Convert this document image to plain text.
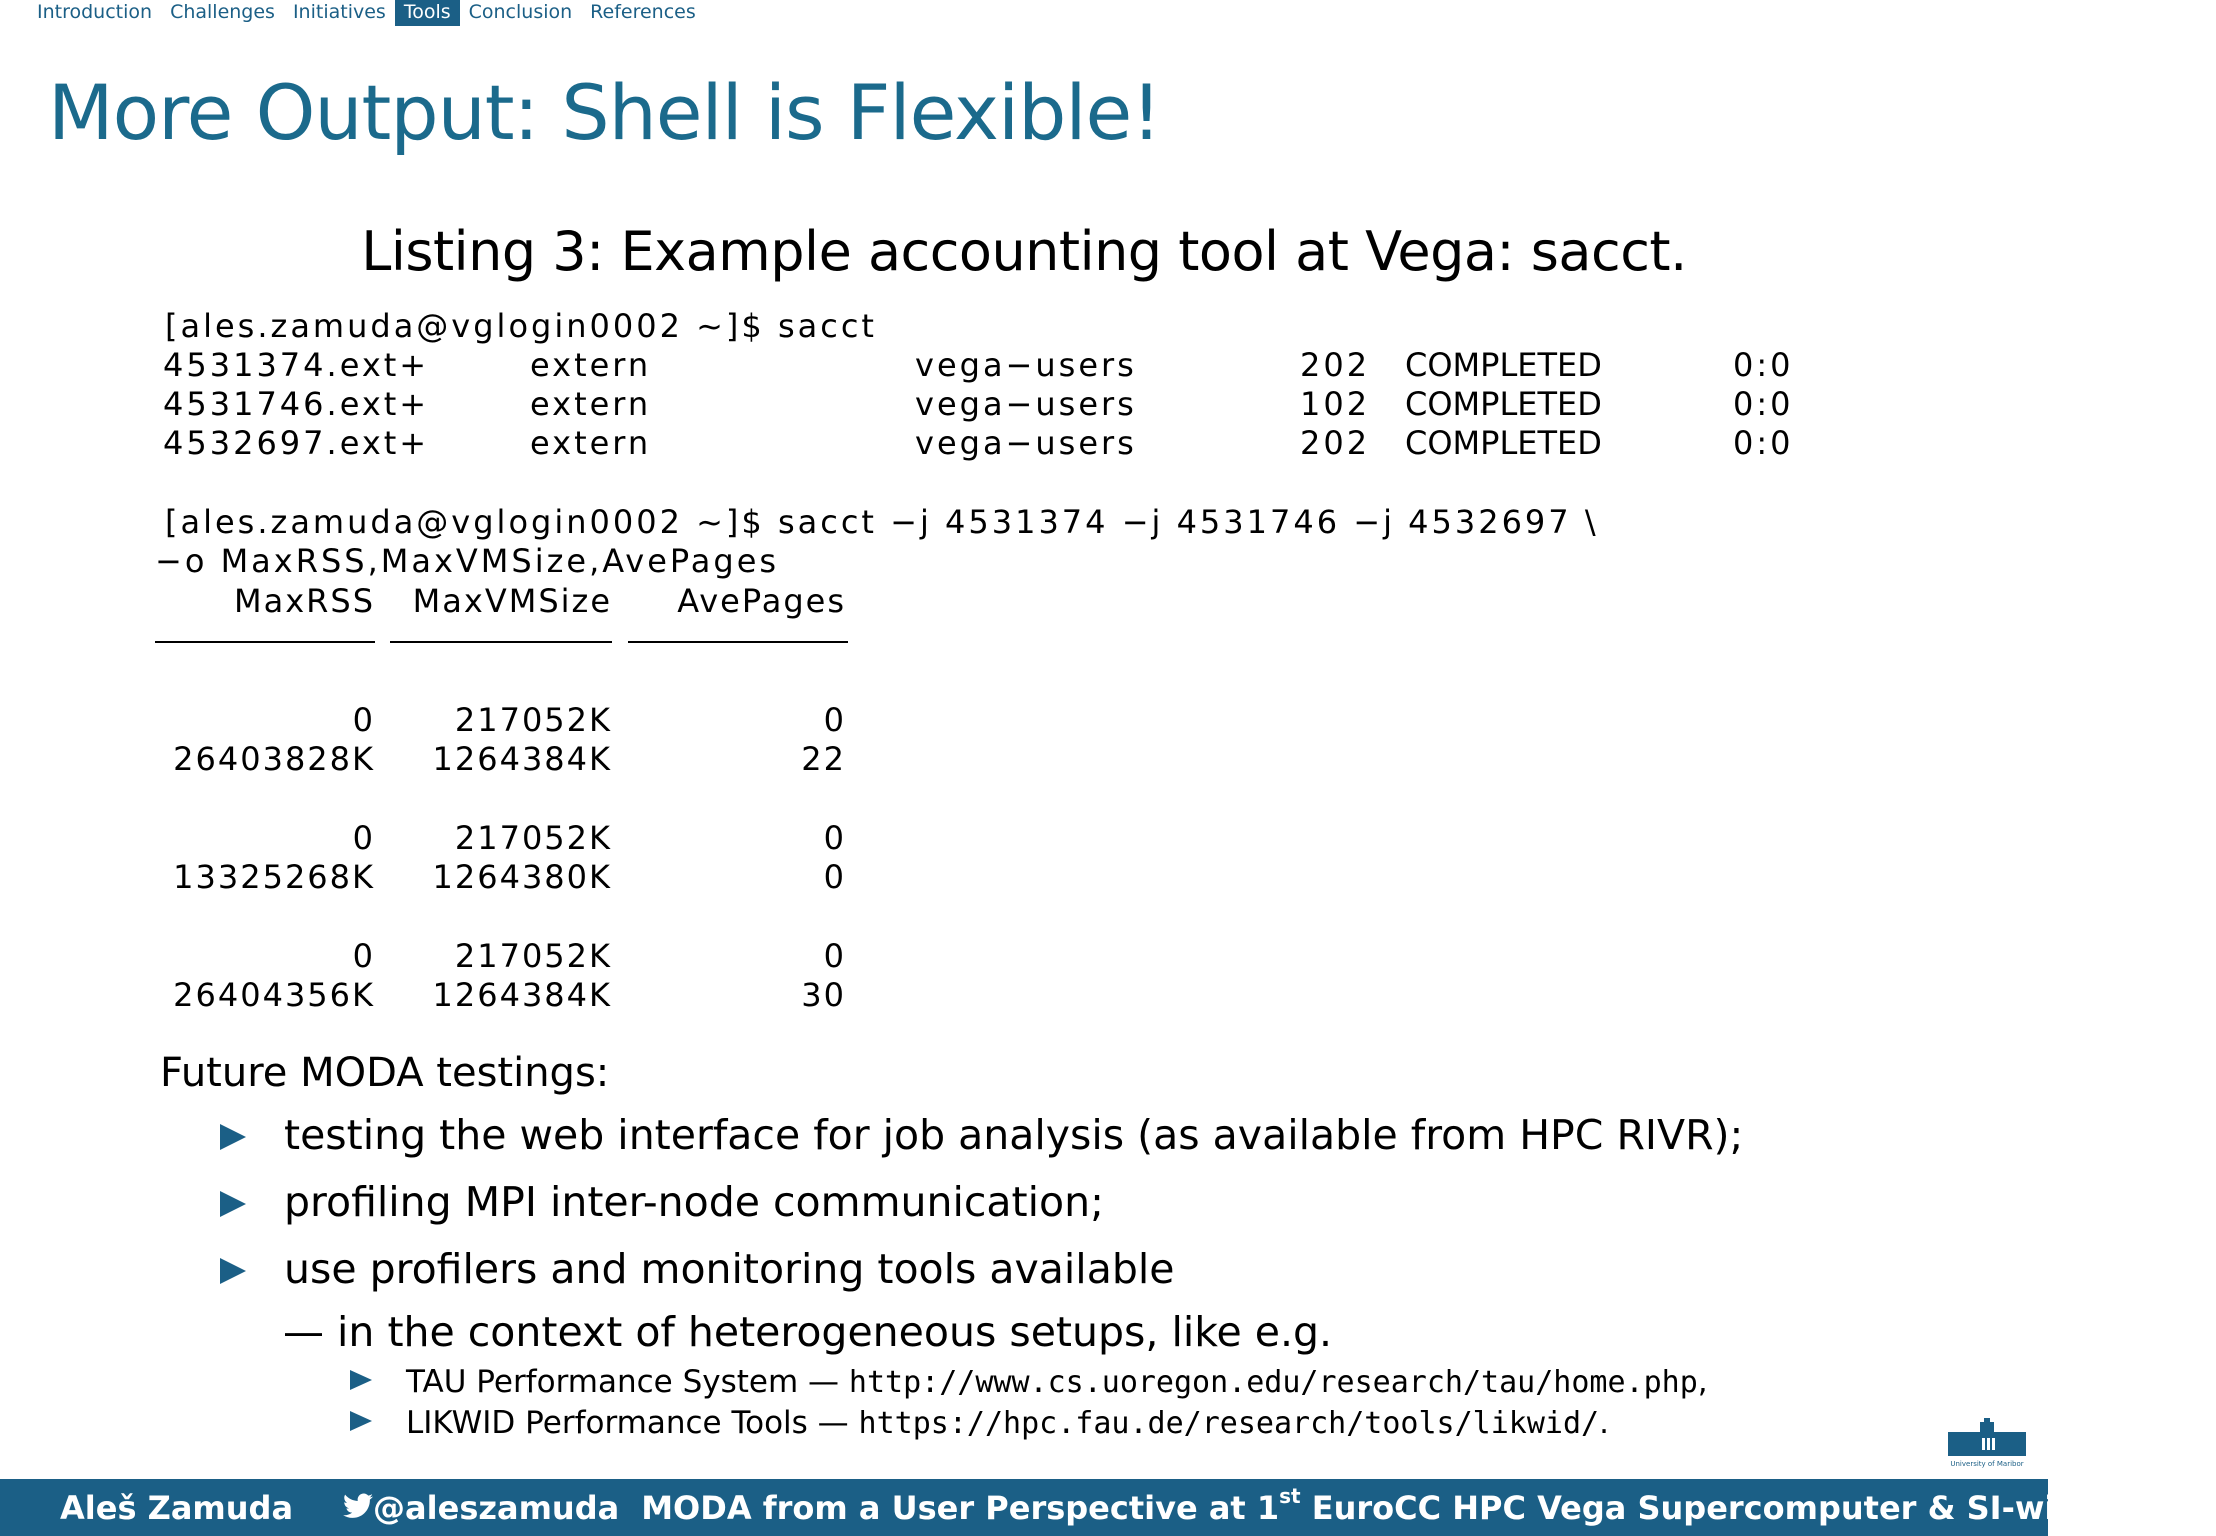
Introduction Challenges Initiatives Tools Conclusion References
More Output: Shell is Flexible!
Listing 3: Example accounting tool at Vega: sacct.
[ales.zamuda@vglogin0002 ~]$ sacct
4531374.ext+	extern	vega−users	202 COMPLETED	0:0
4531746.ext+	extern	vega−users	102 COMPLETED	0:0
4532697.ext+	extern	vega−users	202 COMPLETED	0:0
[ales.zamuda@vglogin0002 ~]$ sacct −j 4531374 −j 4531746 −j 4532697 \
−o MaxRSS,MaxVMSize,AvePages
MaxRSS	MaxVMSize	AvePages
0	217052K	0
26403828K	1264384K	22
0	217052K	0
13325268K	1264380K	0
0	217052K	0
26404356K	1264384K	30
Future MODA testings:
testing the web interface for job analysis (as available from HPC RIVR);
profiling MPI inter-node communication;
use profilers and monitoring tools available
— in the context of heterogeneous setups, like e.g.
TAU Performance System — http://www.cs.uoregon.edu/research/tau/home.php,
LIKWID Performance Tools — https://hpc.fau.de/research/tools/likwid/.
University of Maribor
Aleš Zamuda	@aleszamuda MODA from a User Perspective at 1st EuroCC HPC Vega Supercomputer & SI-wide 21/ 28
